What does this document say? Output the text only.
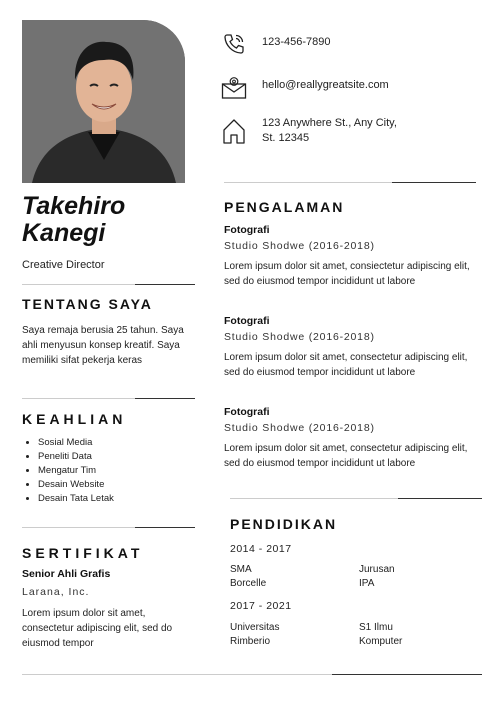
Takehiro
Kanegi
Creative Director
TENTANG SAYA
Saya remaja berusia 25 tahun. Saya ahli menyusun konsep kreatif. Saya memiliki sifat pekerja keras
KEAHLIAN
• Sosial Media
• Peneliti Data
• Mengatur Tim
• Desain Website
• Desain Tata Letak
SERTIFIKAT
Senior Ahli Grafis
Larana, Inc.
Lorem ipsum dolor sit amet, consectetur adipiscing elit, sed do eiusmod tempor
123-456-7890
hello@reallygreatsite.com
123 Anywhere St., Any City,
St. 12345
PENGALAMAN
Fotografi
Studio Shodwe (2016-2018)
Lorem ipsum dolor sit amet, consiectetur adipiscing elit, sed do eiusmod tempor incididunt ut labore
Fotografi
Studio Shodwe (2016-2018)
Lorem ipsum dolor sit amet, consectetur adipiscing elit, sed do eiusmod tempor incididunt ut labore
Fotografi
Studio Shodwe (2016-2018)
Lorem ipsum dolor sit amet, consectetur adipiscing elit, sed do eiusmod tempor incididunt ut labore
PENDIDIKAN
2014 - 2017
SMA
Borcelle
Jurusan
IPA
2017 - 2021
Universitas
Rimberio
S1 Ilmu
Komputer
